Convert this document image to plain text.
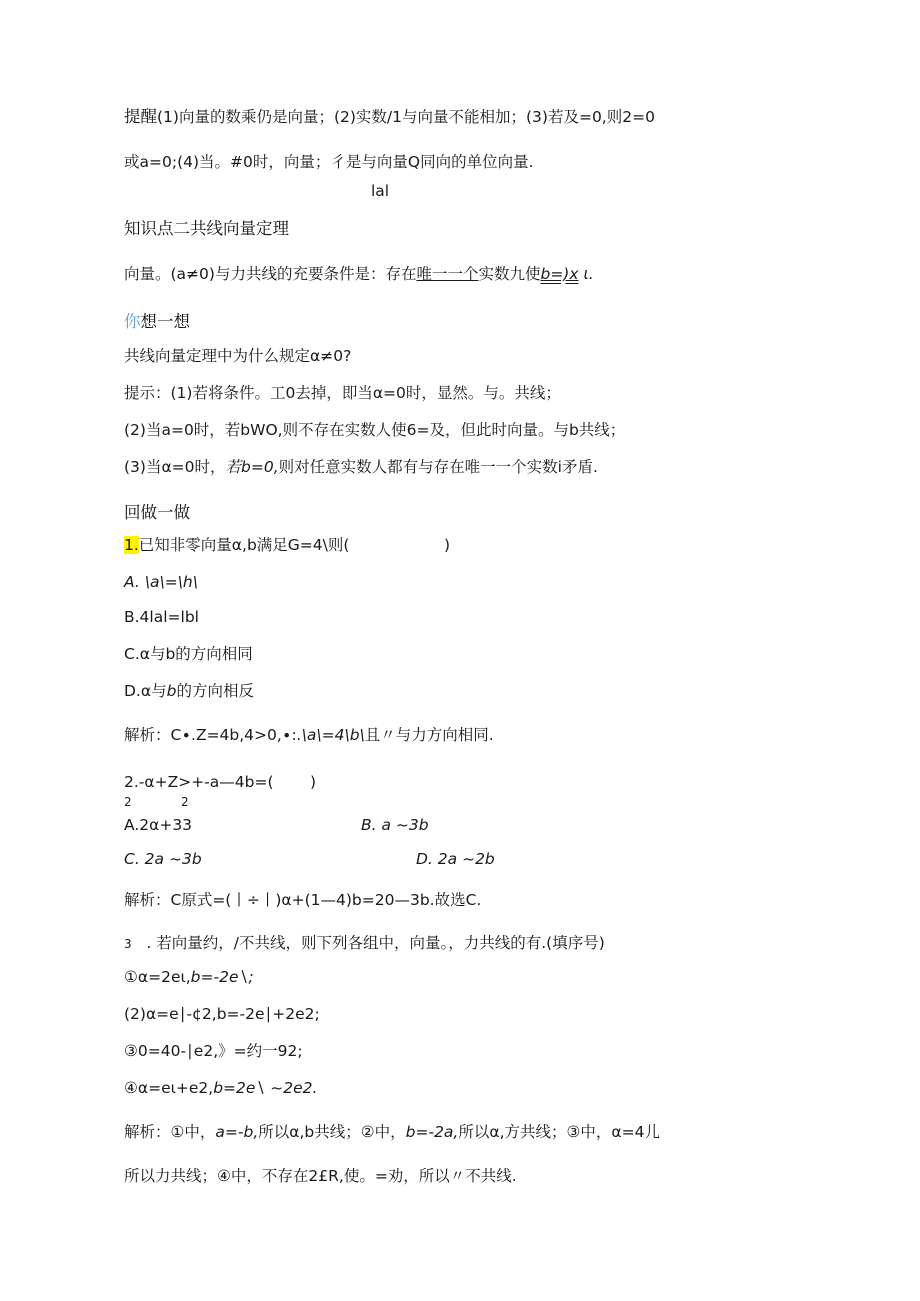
提醒(1)向量的数乘仍是向量；(2)实数/1与向量不能相加；(3)若及=0,则2=0
或a=0;(4)当。#0时，向量；彳是与向量Q同向的单位向量.
lal
知识点二共线向量定理
向量。(a≠0)与力共线的充要条件是：存在唯一一个实数九使b=)x ι.
你想一想
共线向量定理中为什么规定α≠0?
提示：(1)若将条件。工0去掉，即当α=0时，显然。与。共线；
(2)当a=0时，若bWO,则不存在实数人使6=及，但此时向量。与b共线；
(3)当α=0时，若b=0,则对任意实数人都有与存在唯一一个实数i矛盾.
回做一做
1.已知非零向量α,b满足G=4\则(	)
A. \a\=\h\
B.4lal=lbl
C.α与b的方向相同
D.α与b的方向相反
解析：C∙.Z=4b,4>0,∙:.\a\=4\b\且〃与力方向相同.
2.-α+Z>+-a—4b=( )
2	2
A.2α+33	B. a ~3b
C. 2a ~3b	D. 2a ~2b
解析：C原式=(丨÷丨)α+(1—4)b=20—3b.故选C.
3 . 若向量约，/不共线，则下列各组中，向量。，力共线的有.(填序号)
①α=2eι,b=-2e∖;
(2)α=e∣-¢2,b=-2e∣+2e2;
③0=40-∣e2,》=约一92;
④α=eι+e2,b=2e∖ ~2e2.
解析：①中，a=-b,所以α,b共线；②中，b=-2a,所以α,方共线；③中，α=4儿
所以力共线；④中，不存在2£R,使。=劝，所以〃不共线.
